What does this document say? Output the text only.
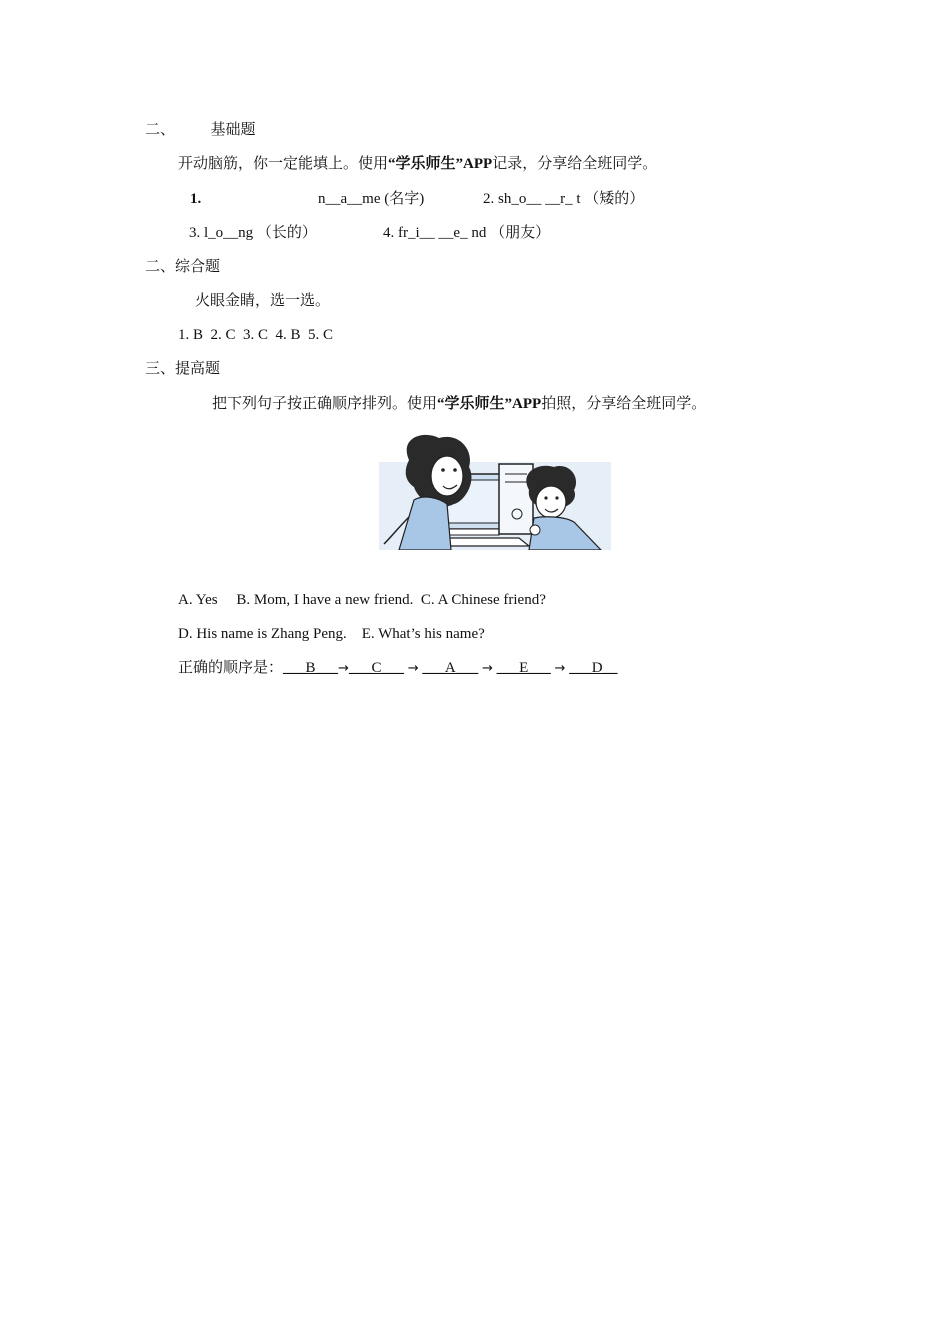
二、 基础题
开动脑筋，你一定能填上。使用“学乐师生”APP记录，分享给全班同学。
1.	n__a__me (名字)	2. sh_o__ __r_ t （矮的）
3. l_o__ng （长的）	4. fr_i__ __e_ nd （朋友）
二、综合题
火眼金睛，选一选。
1. B  2. C  3. C  4. B  5. C
三、提高题
把下列句子按正确顺序排列。使用“学乐师生”APP拍照，分享给全班同学。
A. Yes     B. Mom, I have a new friend.  C. A Chinese friend?
D. His name is Zhang Peng.    E. What’s his name?
正确的顺序是：___B___→___C___ → ___A___ → ___E___ → ___D__
